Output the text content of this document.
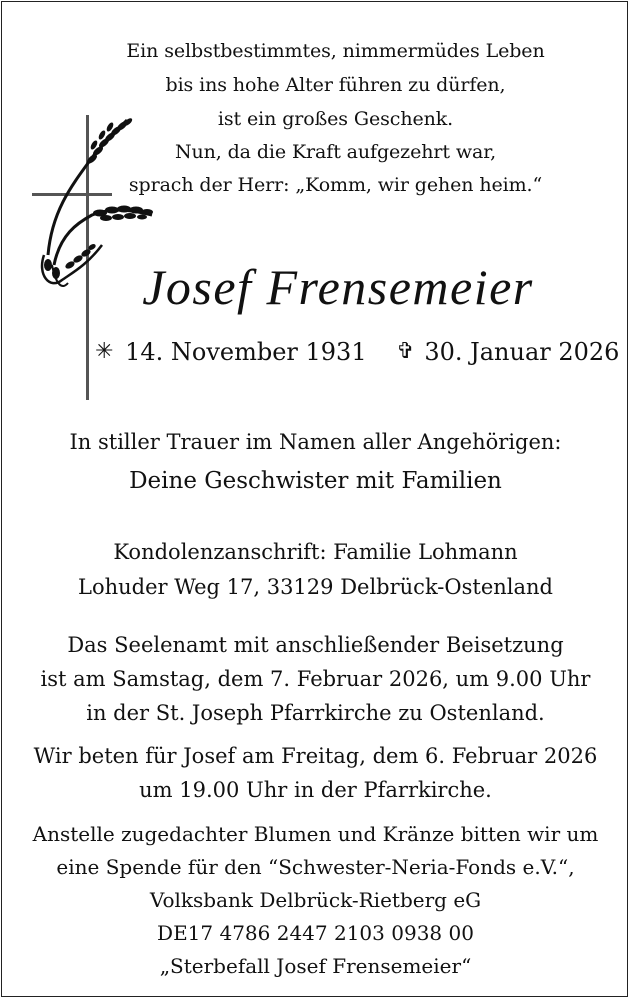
Ein selbstbestimmtes, nimmermüdes Leben
bis ins hohe Alter führen zu dürfen,
ist ein großes Geschenk.
Nun, da die Kraft aufgezehrt war,
sprach der Herr: „Komm, wir gehen heim.“
Josef Frensemeier
✳ 14. November 1931 ✞ 30. Januar 2026
In stiller Trauer im Namen aller Angehörigen:
Deine Geschwister mit Familien
Kondolenzanschrift: Familie Lohmann
Lohuder Weg 17, 33129 Delbrück-Ostenland
Das Seelenamt mit anschließender Beisetzung
ist am Samstag, dem 7. Februar 2026, um 9.00 Uhr
in der St. Joseph Pfarrkirche zu Ostenland.
Wir beten für Josef am Freitag, dem 6. Februar 2026
um 19.00 Uhr in der Pfarrkirche.
Anstelle zugedachter Blumen und Kränze bitten wir um
eine Spende für den “Schwester-Neria-Fonds e.V.“,
Volksbank Delbrück-Rietberg eG
DE17 4786 2447 2103 0938 00
„Sterbefall Josef Frensemeier“
